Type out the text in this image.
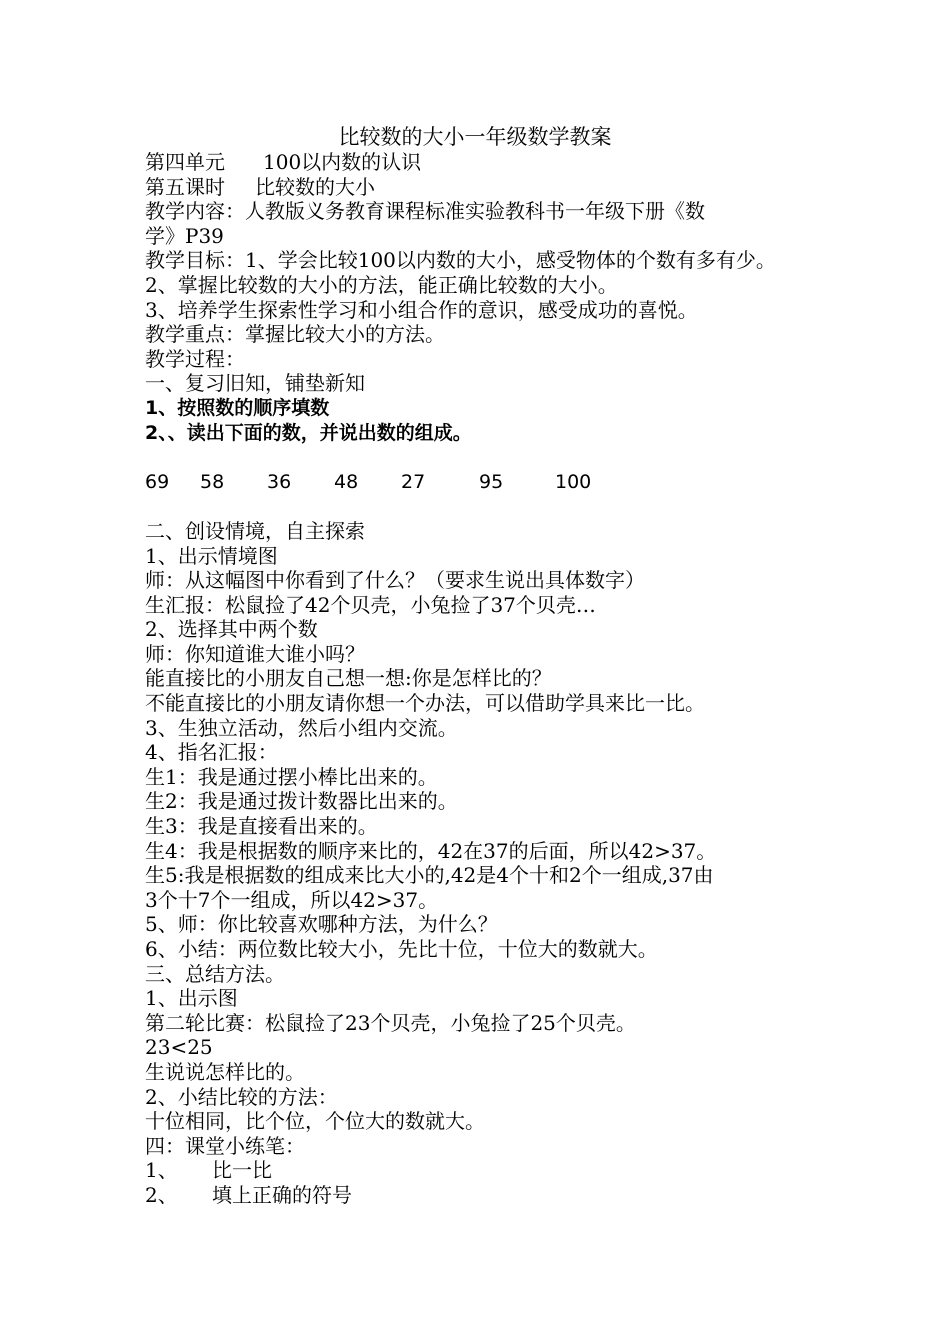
比较数的大小一年级数学教案
第四单元 100以内数的认识
第五课时 比较数的大小
教学内容：人教版义务教育课程标准实验教科书一年级下册《数
学》P39
教学目标：1、学会比较100以内数的大小，感受物体的个数有多有少。
2、掌握比较数的大小的方法，能正确比较数的大小。
3、培养学生探索性学习和小组合作的意识，感受成功的喜悦。
教学重点：掌握比较大小的方法。
教学过程：
一、复习旧知，铺垫新知
1、按照数的顺序填数
2、、读出下面的数，并说出数的组成。
69 58 36 48 27	95	100
二、创设情境，自主探索
1、出示情境图
师：从这幅图中你看到了什么？（要求生说出具体数字）
生汇报：松鼠捡了42个贝壳，小兔捡了37个贝壳…
2、选择其中两个数
师：你知道谁大谁小吗？
能直接比的小朋友自己想一想:你是怎样比的？
不能直接比的小朋友请你想一个办法，可以借助学具来比一比。
3、生独立活动，然后小组内交流。
4、指名汇报：
生1：我是通过摆小棒比出来的。
生2：我是通过拨计数器比出来的。
生3：我是直接看出来的。
生4：我是根据数的顺序来比的，42在37的后面，所以42>37。
生5:我是根据数的组成来比大小的,42是4个十和2个一组成,37由
3个十7个一组成，所以42>37。
5、师：你比较喜欢哪种方法，为什么？
6、小结：两位数比较大小，先比十位，十位大的数就大。
三、总结方法。
1、出示图
第二轮比赛：松鼠捡了23个贝壳，小兔捡了25个贝壳。
23<25
生说说怎样比的。
2、小结比较的方法：
十位相同，比个位，个位大的数就大。
四：课堂小练笔：
1、 比一比
2、 填上正确的符号
